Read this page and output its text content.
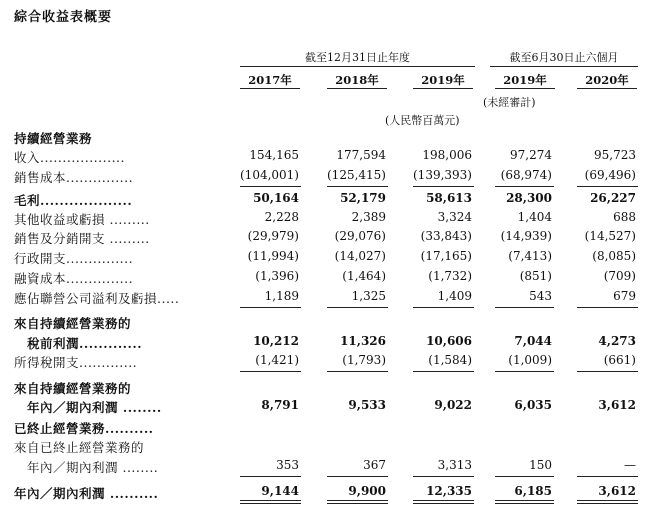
綜合收益表概要
截至12月31日止年度	截至6月30日止六個月
2017年	2018年	2019年	2019年	2020年
(未經審計)
(人民幣百萬元)
持續經營業務
收入...................	154,165	177,594	198,006	97,274	95,723
銷售成本...............	(104,001)	(125,415)	(139,393)	(68,974)	(69,496)
毛利...................	50,164	52,179	58,613	28,300	26,227
其他收益或虧損 .........	2,228	2,389	3,324	1,404	688
銷售及分銷開支 .........	(29,979)	(29,076)	(33,843)	(14,939)	(14,527)
行政開支...............	(11,994)	(14,027)	(17,165)	(7,413)	(8,085)
融資成本...............	(1,396)	(1,464)	(1,732)	(851)	(709)
應佔聯營公司溢利及虧損.....	1,189	1,325	1,409	543	679
來自持續經營業務的
　稅前利潤.............	10,212	11,326	10,606	7,044	4,273
所得稅開支.............	(1,421)	(1,793)	(1,584)	(1,009)	(661)
來自持續經營業務的
　年內／期內利潤 ........	8,791	9,533	9,022	6,035	3,612
已終止經營業務..........
來自已終止經營業務的
　年內／期內利潤 ........	353	367	3,313	150	—
年內／期內利潤 ..........	9,144	9,900	12,335	6,185	3,612
